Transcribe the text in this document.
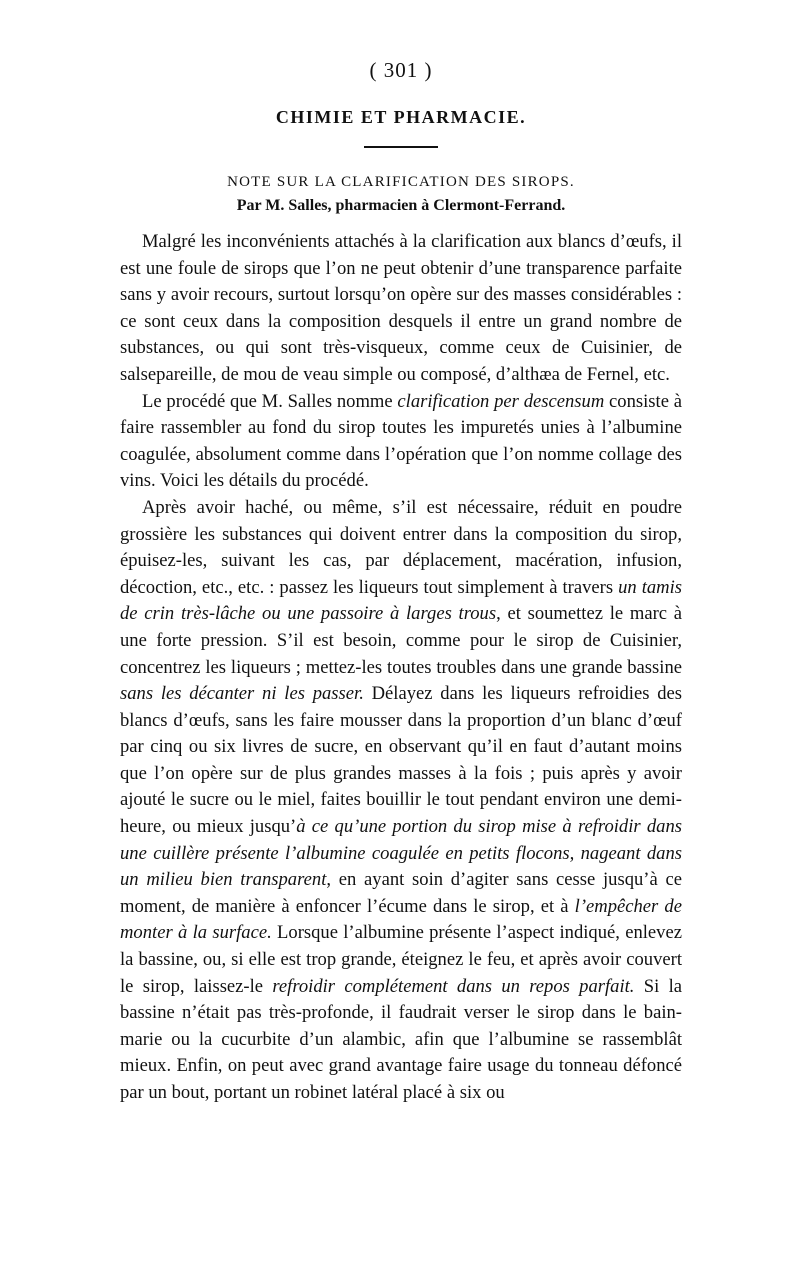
( 301 )
CHIMIE ET PHARMACIE.
NOTE SUR LA CLARIFICATION DES SIROPS.
Par M. Salles, pharmacien à Clermont-Ferrand.

Malgré les inconvénients attachés à la clarification aux blancs d’œufs, il est une foule de sirops que l’on ne peut obtenir d’une transparence parfaite sans y avoir recours, surtout lorsqu’on opère sur des masses considérables : ce sont ceux dans la composition desquels il entre un grand nombre de substances, ou qui sont très-visqueux, comme ceux de Cuisinier, de salsepareille, de mou de veau simple ou composé, d’althæa de Fernel, etc.

Le procédé que M. Salles nomme clarification per descensum consiste à faire rassembler au fond du sirop toutes les impuretés unies à l’albumine coagulée, absolument comme dans l’opération que l’on nomme collage des vins. Voici les détails du procédé.

Après avoir haché, ou même, s’il est nécessaire, réduit en poudre grossière les substances qui doivent entrer dans la composition du sirop, épuisez-les, suivant les cas, par déplacement, macération, infusion, décoction, etc., etc. : passez les liqueurs tout simplement à travers un tamis de crin très-lâche ou une passoire à larges trous, et soumettez le marc à une forte pression. S’il est besoin, comme pour le sirop de Cuisinier, concentrez les liqueurs ; mettez-les toutes troubles dans une grande bassine sans les décanter ni les passer. Délayez dans les liqueurs refroidies des blancs d’œufs, sans les faire mousser dans la proportion d’un blanc d’œuf par cinq ou six livres de sucre, en observant qu’il en faut d’autant moins que l’on opère sur de plus grandes masses à la fois ; puis après y avoir ajouté le sucre ou le miel, faites bouillir le tout pendant environ une demi-heure, ou mieux jusqu’à ce qu’une portion du sirop mise à refroidir dans une cuillère présente l’albumine coagulée en petits flocons, nageant dans un milieu bien transparent, en ayant soin d’agiter sans cesse jusqu’à ce moment, de manière à enfoncer l’écume dans le sirop, et à l’empêcher de monter à la surface. Lorsque l’albumine présente l’aspect indiqué, enlevez la bassine, ou, si elle est trop grande, éteignez le feu, et après avoir couvert le sirop, laissez-le refroidir complétement dans un repos parfait. Si la bassine n’était pas très-profonde, il faudrait verser le sirop dans le bain-marie ou la cucurbite d’un alambic, afin que l’albumine se rassemblât mieux. Enfin, on peut avec grand avantage faire usage du tonneau défoncé par un bout, portant un robinet latéral placé à six ou
